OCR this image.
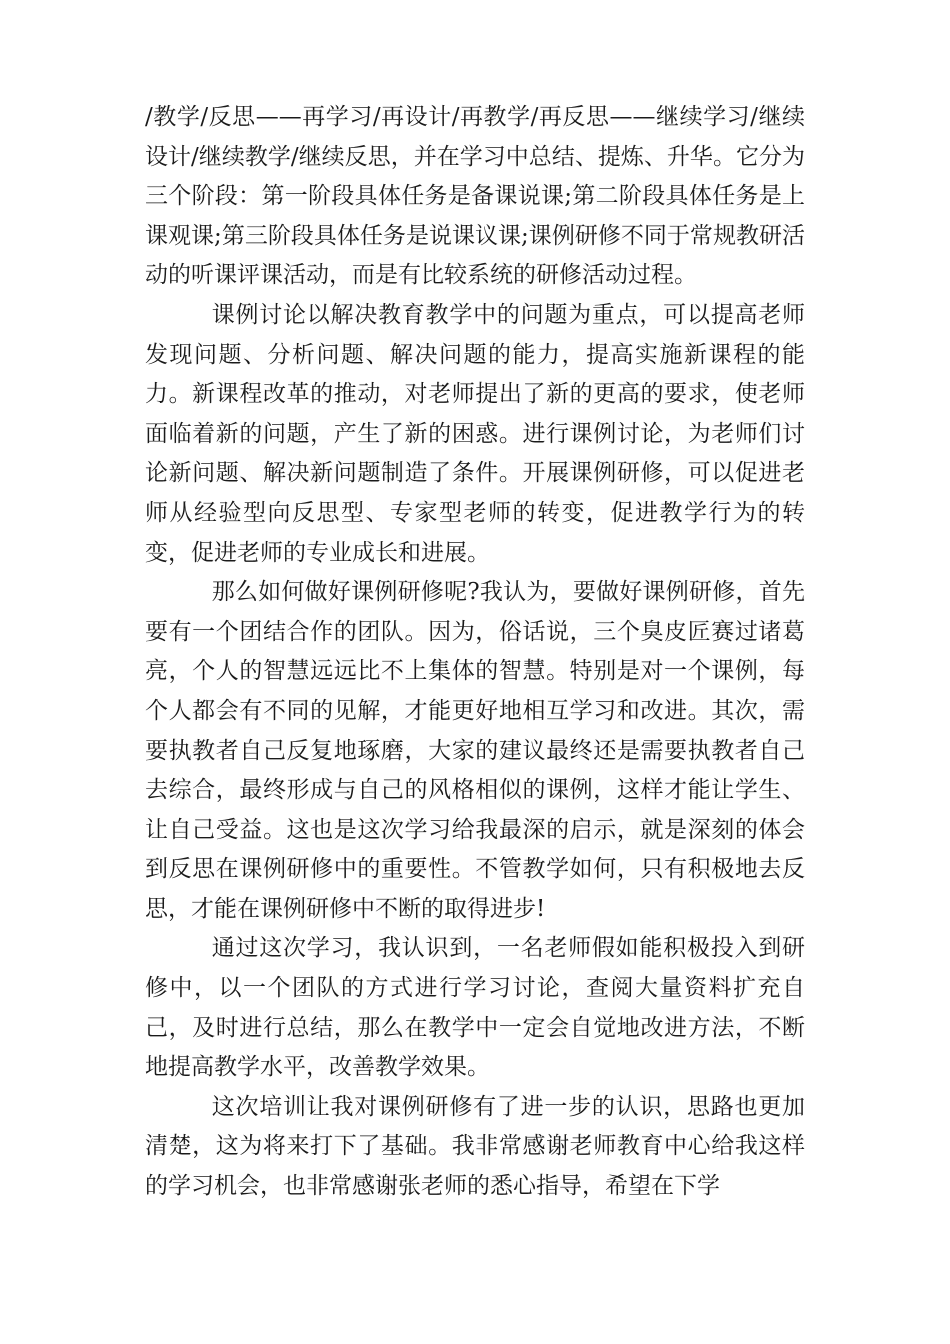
/教学/反思——再学习/再设计/再教学/再反思——继续学习/继续设计/继续教学/继续反思，并在学习中总结、提炼、升华。它分为三个阶段：第一阶段具体任务是备课说课;第二阶段具体任务是上课观课;第三阶段具体任务是说课议课;课例研修不同于常规教研活动的听课评课活动，而是有比较系统的研修活动过程。

课例讨论以解决教育教学中的问题为重点，可以提高老师发现问题、分析问题、解决问题的能力，提高实施新课程的能力。新课程改革的推动，对老师提出了新的更高的要求，使老师面临着新的问题，产生了新的困惑。进行课例讨论，为老师们讨论新问题、解决新问题制造了条件。开展课例研修，可以促进老师从经验型向反思型、专家型老师的转变，促进教学行为的转变，促进老师的专业成长和进展。

那么如何做好课例研修呢?我认为，要做好课例研修，首先要有一个团结合作的团队。因为，俗话说，三个臭皮匠赛过诸葛亮，个人的智慧远远比不上集体的智慧。特别是对一个课例，每个人都会有不同的见解，才能更好地相互学习和改进。其次，需要执教者自己反复地琢磨，大家的建议最终还是需要执教者自己去综合，最终形成与自己的风格相似的课例，这样才能让学生、让自己受益。这也是这次学习给我最深的启示，就是深刻的体会到反思在课例研修中的重要性。不管教学如何，只有积极地去反思，才能在课例研修中不断的取得进步!

通过这次学习，我认识到，一名老师假如能积极投入到研修中，以一个团队的方式进行学习讨论，查阅大量资料扩充自己，及时进行总结，那么在教学中一定会自觉地改进方法，不断地提高教学水平，改善教学效果。

这次培训让我对课例研修有了进一步的认识，思路也更加清楚，这为将来打下了基础。我非常感谢老师教育中心给我这样的学习机会，也非常感谢张老师的悉心指导，希望在下学
